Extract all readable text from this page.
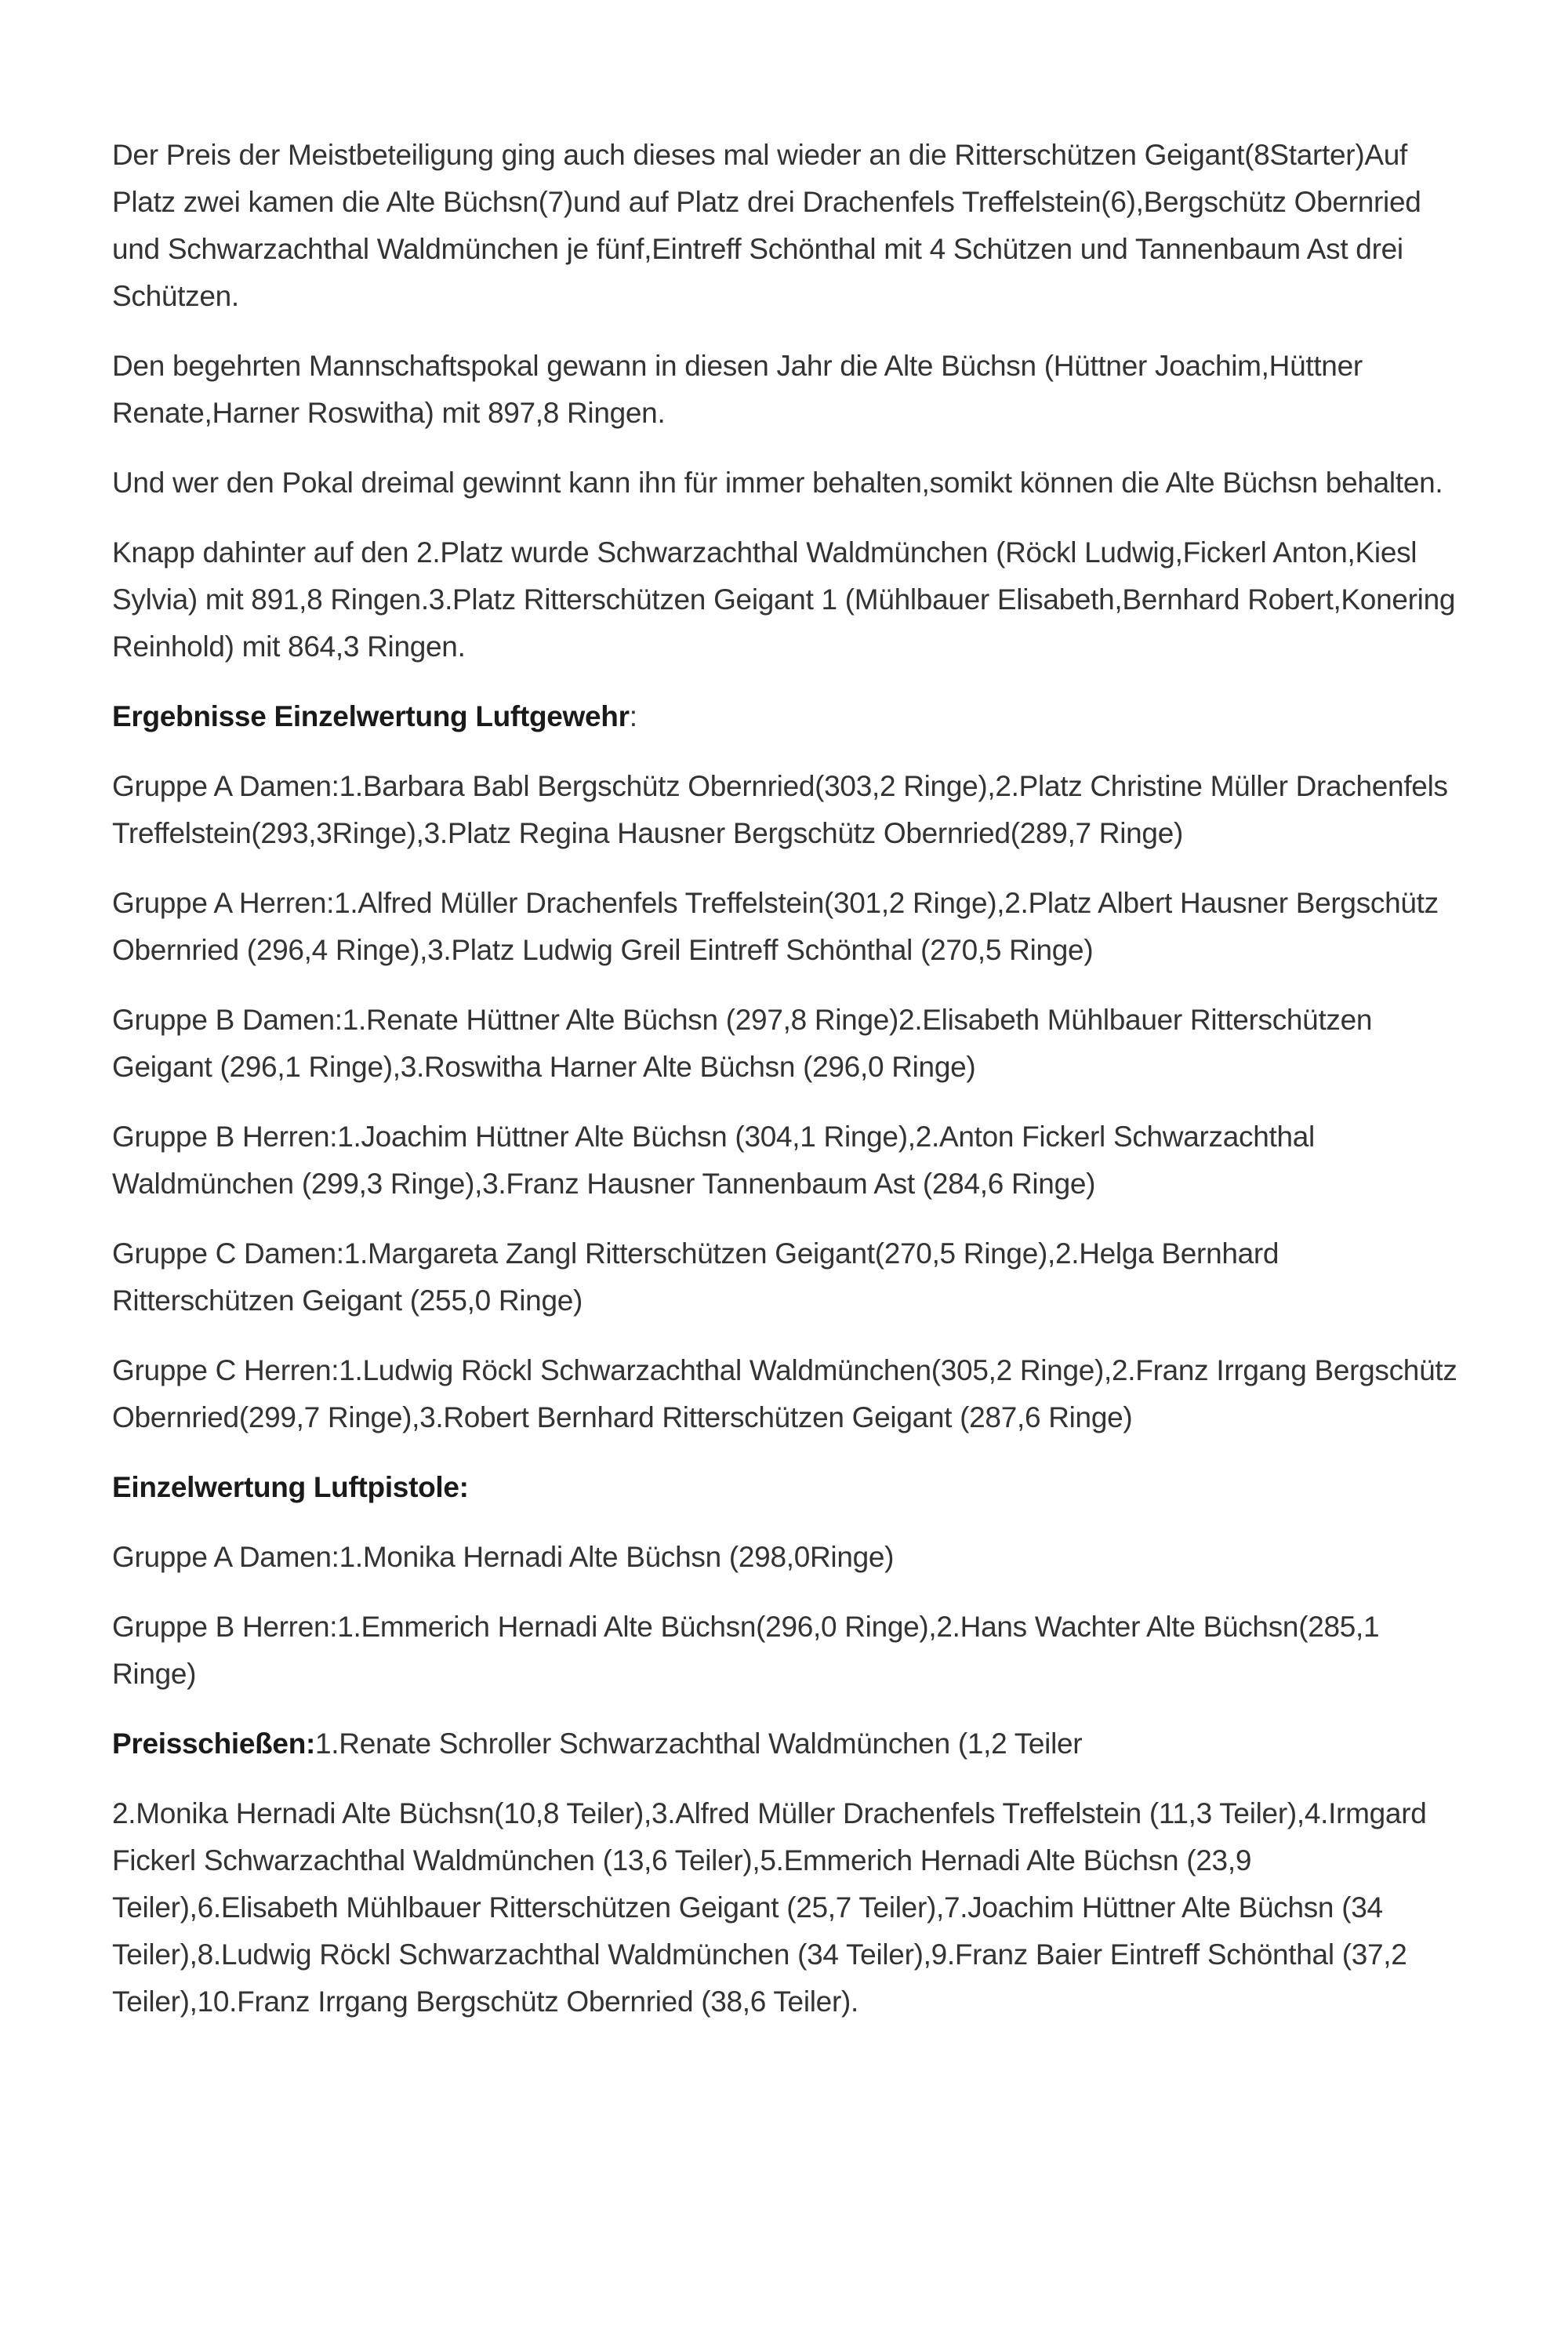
Der Preis der Meistbeteiligung ging auch dieses mal wieder an die Ritterschützen Geigant(8Starter)Auf Platz zwei kamen die Alte Büchsn(7)und auf Platz drei Drachenfels Treffelstein(6),Bergschütz Obernried und Schwarzachthal Waldmünchen je fünf,Eintreff Schönthal mit 4 Schützen und Tannenbaum Ast drei Schützen.

Den begehrten Mannschaftspokal gewann in diesen Jahr die Alte Büchsn (Hüttner Joachim,Hüttner Renate,Harner Roswitha) mit 897,8 Ringen.

Und wer den Pokal dreimal gewinnt kann ihn für immer behalten,somikt können die Alte Büchsn behalten.

Knapp dahinter auf den 2.Platz wurde Schwarzachthal Waldmünchen (Röckl Ludwig,Fickerl Anton,Kiesl Sylvia) mit 891,8 Ringen.3.Platz Ritterschützen Geigant 1 (Mühlbauer Elisabeth,Bernhard Robert,Konering Reinhold) mit 864,3 Ringen.

Ergebnisse Einzelwertung Luftgewehr:

Gruppe A Damen:1.Barbara Babl Bergschütz Obernried(303,2 Ringe),2.Platz Christine Müller Drachenfels Treffelstein(293,3Ringe),3.Platz Regina Hausner Bergschütz Obernried(289,7 Ringe)

Gruppe A Herren:1.Alfred Müller Drachenfels Treffelstein(301,2 Ringe),2.Platz Albert Hausner Bergschütz Obernried (296,4 Ringe),3.Platz Ludwig Greil Eintreff Schönthal (270,5 Ringe)

Gruppe B Damen:1.Renate Hüttner Alte Büchsn (297,8 Ringe)2.Elisabeth Mühlbauer Ritterschützen Geigant (296,1 Ringe),3.Roswitha Harner Alte Büchsn (296,0 Ringe)

Gruppe B Herren:1.Joachim Hüttner Alte Büchsn (304,1 Ringe),2.Anton Fickerl Schwarzachthal Waldmünchen (299,3 Ringe),3.Franz Hausner Tannenbaum Ast (284,6 Ringe)

Gruppe C Damen:1.Margareta Zangl Ritterschützen Geigant(270,5 Ringe),2.Helga Bernhard Ritterschützen Geigant (255,0 Ringe)

Gruppe C Herren:1.Ludwig Röckl Schwarzachthal Waldmünchen(305,2 Ringe),2.Franz Irrgang Bergschütz Obernried(299,7 Ringe),3.Robert Bernhard Ritterschützen Geigant (287,6 Ringe)

Einzelwertung Luftpistole:

Gruppe A Damen:1.Monika Hernadi Alte Büchsn (298,0Ringe)

Gruppe B Herren:1.Emmerich Hernadi Alte Büchsn(296,0 Ringe),2.Hans Wachter Alte Büchsn(285,1 Ringe)

Preisschießen:1.Renate Schroller Schwarzachthal Waldmünchen (1,2 Teiler

2.Monika Hernadi Alte Büchsn(10,8 Teiler),3.Alfred Müller Drachenfels Treffelstein (11,3 Teiler),4.Irmgard Fickerl Schwarzachthal Waldmünchen (13,6 Teiler),5.Emmerich Hernadi Alte Büchsn (23,9 Teiler),6.Elisabeth Mühlbauer Ritterschützen Geigant (25,7 Teiler),7.Joachim Hüttner Alte Büchsn (34 Teiler),8.Ludwig Röckl Schwarzachthal Waldmünchen (34 Teiler),9.Franz Baier Eintreff Schönthal (37,2 Teiler),10.Franz Irrgang Bergschütz Obernried (38,6 Teiler).
